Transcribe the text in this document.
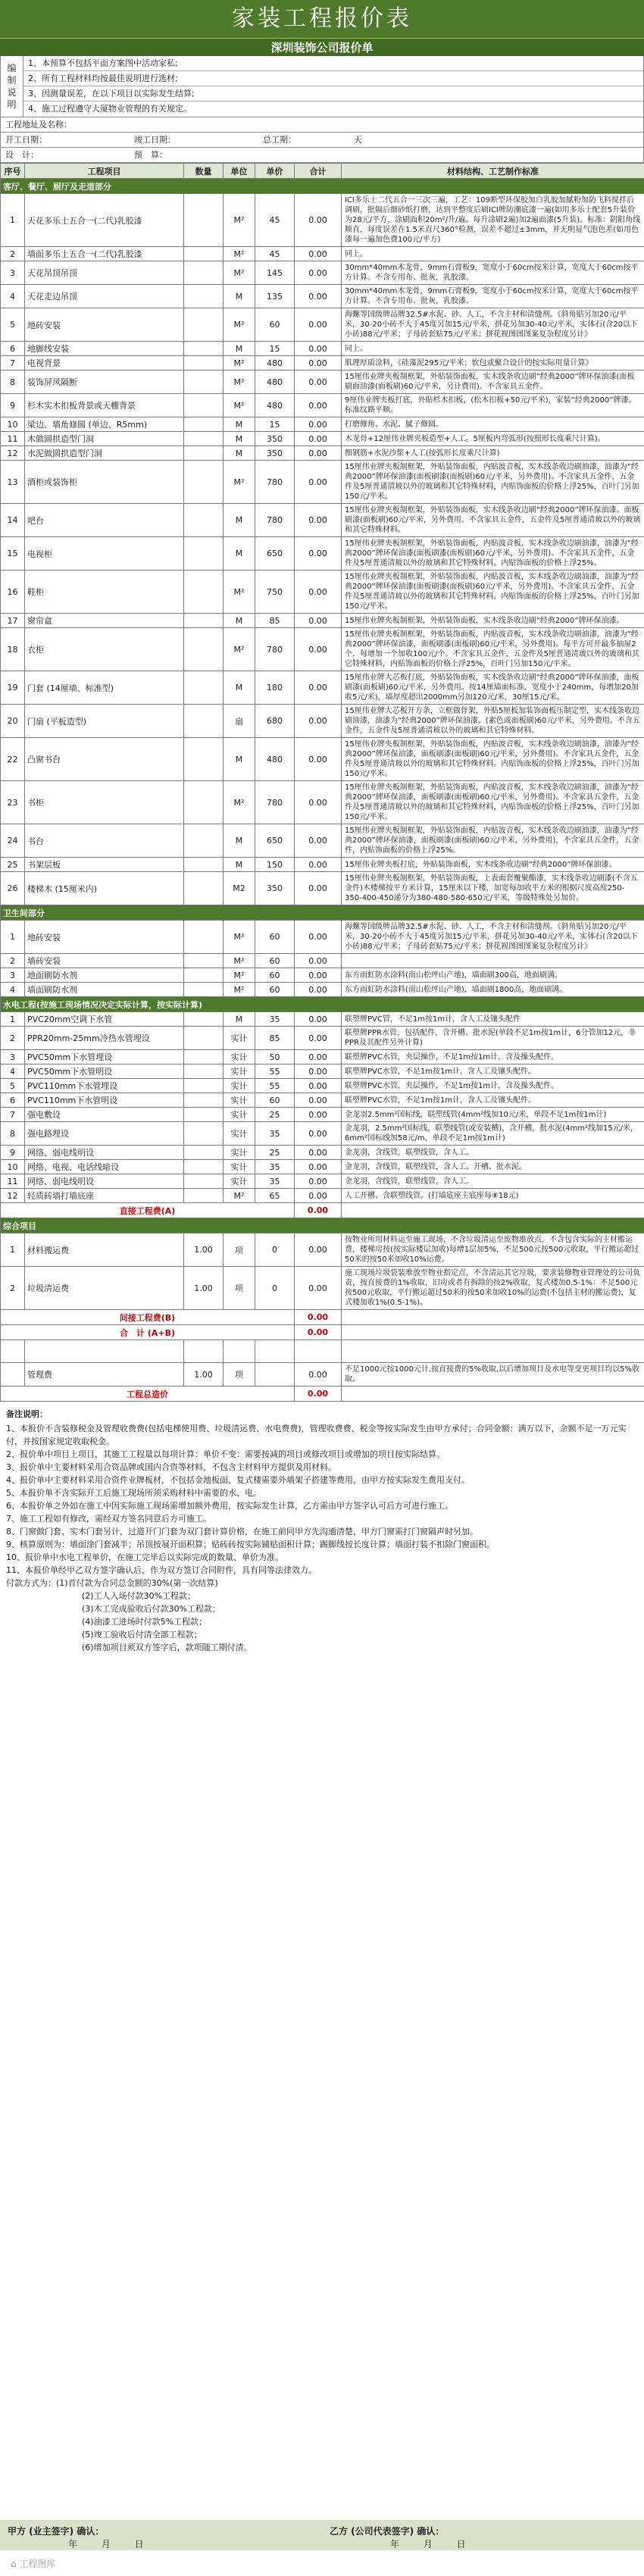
家装工程报价表
深圳装饰公司报价单
编
制
说
明
1、本预算不包括平面方案图中活动家私;
2、所有工程材料均按最佳说明进行选材;
3、因测量误差，在以下项目以实际发生结算;
4、施工过程遵守大厦物业管理的有关规定。
工程地址及名称：
开工日期：	竣工日期：	总工期：	天
设　计：	预　算：
序号	工程项目	数量	单位	单价	合计	材料结构、工艺制作标准
客厅、餐厅、厨厅及走道部分						
1	天花多乐士五合一(二代)乳胶漆		M²	45	0.00	ICI多乐士二代五合一三次三遍，工艺：109断型环保胶加白乳胶加腻粉加防飞料搅拌后调刷，批隔后细砂纸打磨，达到平整度后刷ICI牌防潮底漆一遍(如用多乐士配套5升装价为28元/平方，涂刷面积20m²/升/遍。每升涂刷2遍)加2遍面漆(5升装)。标准：阴阳角线顺直，每度误差在1.5米直尺360°检测，误差不超过±3mm，并无明显气泡色差(如用色漆每一遍加色费100元/平方)
2	墙面多乐士五合一(二代)乳胶漆		M²	45	0.00	同上。
3	天花吊顶吊顶		M²	145	0.00	30mm*40mm木龙骨，9mm石膏板9，宽度小于60cm按米计算，宽度大于60cm按平方计算。不含专用布、批灰，乳胶漆。
4	天花走边吊顶		M	135	0.00	30mm*40mm木龙骨，9mm石膏板9，宽度小于60cm按米计算，宽度大于60cm按平方计算。不含专用布、批灰，乳胶漆。
5	地砖安装		M²	60	0.00	海螺等国级牌品牌32.5#水泥、砂、人工，不含主材和清缝剂。《斜角贴另加20元/平米，30-20小砖不大于45度另加15元/平米，拼花另加30-40元/平米，实体石(含20以下小砖)88元/平米；子母砖套贴75元/平米；拼花视图图图案复杂程度另计》
6	地脚线安装		M	15	0.00	同上。
7	电视背景		M²	480	0.00	肌理厚质涂料，《硅藻泥295元/平米；软包或聚合设计的按实际用量计算》
8	装饰屏风隔断		M²	480	0.00	15厘伟业牌夹板制框架，外贴装饰面板，实木线条收边刷“经典2000”牌环保油漆(面板刷面油漆(面板刷)60元/平米，另计费用)。不含家具五金件。
9	杉木实木扣板背景或天棚背景		M²	480	0.00	9厘伟业牌夹板打底，外贴杉木扣板，(松木扣板+50元/平米)，家装“经典2000”牌漆。标准纹路平顺。
10	梁边、墙角修圆 (单边、R5mm)		M	15	0.00	打磨修角、水泥、腻子修圆。
11	木做圆拱造型门洞		M	350	0.00	木龙骨+12厘伟业牌夹板造型+人工。5厘板内弯弧形(按照形长度乘尺计算)。
12	水泥做圆拱造型门洞		M	350	0.00	细钢筋+水泥沙浆+人工(按弧形长度乘尺计算)
13	酒柜或装饰柜		M²	780	0.00	15厘伟业牌夹板制框架，外贴装饰面板，内贴波音板，实木线条收边刷油漆，油漆为“经典2000”牌环保油漆(面板刷漆(面板刷)60元/平米，另外费用)。不含家具五金件，五金件及5厘普通清玻以外的玻璃和其它特殊材料，内贴饰面板的价格上浮25%，百叶门另加150元/平米。
14	吧台		M	780	0.00	15厘伟业牌夹板制框架，外贴装饰面板，实木线条收边刷“经典2000”牌环保油漆。面板刷漆(面板刷)60元/平米，另外费用。不含家具五金件，五金件及5厘普通清玻以外的玻璃和其它特殊材料。
15	电视柜		M	650	0.00	15厘伟业牌夹板制框架，外贴装饰面板，内贴波音板，实木线条收边刷油漆，油漆为“经典2000”牌环保油漆(面板刷漆(面板刷)60元/平米，另外费用)。不含家具五金件，五金件及5厘普通清玻以外的玻璃和其它特殊材料。内贴饰面板的价格上浮25%。
16	鞋柜		M²	750	0.00	15厘伟业牌夹板制框架，外贴装饰面板，内贴波音板，实木线条收边刷油漆，油漆为“经典2000”牌环保油漆(面板刷漆(面板刷)60元/平米，另外费用)。不含家具五金件，五金件及5厘普通清玻以外的玻璃和其它特殊材料，内贴饰面板的价格上浮25%，百叶门另加150元/平米。
17	窗帘盒		M	85	0.00	15厘伟业牌夹板制框架，外贴装饰面板，实木线条收边刷“经典2000”牌环保油漆。
18	衣柜		M²	780	0.00	15厘伟业牌夹板制框架，外贴装饰面板，内贴波音板，实木线条收边刷油漆，油漆为“经典2000”牌环保油漆，面板刷漆(面板刷)60元/平米，另外费用)。每平方可开最多抽屉2个，每增加一个加收100元/个。不含家具五金件，五金件及5厘普通清玻以外的玻璃和其它特殊材料，内贴饰面板的价格上浮25%，百叶门另加150元/平米。
19	门套 (14厘墙、标准型)		M	180	0.00	15厘伟业牌大芯板打底，外贴装饰面板，实木线条收边刷“经典2000”牌环保油漆，面板刷漆(面板刷)60元/平米，另外费用。按14厘墙面标准，宽度小于240mm，每增加20加收5元/米)，墙厚度超出2000mm另加120元/米，30厘15元/米。
20	门扇 (平板造型)		扇	680	0.00	15厘伟业牌大芯板开方条，立框做骨架，外贴5厘板加装饰面板压制定型，实木线条收边刷油漆，油漆为“经典2000”牌环保油漆。(素色或面板刷)60元/平米，另外费用。不含五金件，五金件及5厘普通清玻以外的玻璃和其它特殊材料。
22	凸窗书台		M	480	0.00	15厘伟业牌夹板制框架，外贴装饰面板，内贴波音板，实木线条收边刷油漆，油漆为“经典2000”牌环保油漆，面板刷漆(面板刷)60元/平米，另外费用)。不含家具五金件，五金件及5厘普通清玻以外的玻璃和其它特殊材料。内贴饰面板的价格上浮25%，百叶门另加150元/平米。
23	书柜		M²	780	0.00	15厘伟业牌夹板制框架，外贴装饰面板，内贴波音板，实木线条收边刷油漆，油漆为“经典2000”牌环保油漆，面板刷漆(面板刷)60元/平米，另外费用)。不含家具五金件，五金件及5厘普通清玻以外的玻璃和其它特殊材料，内贴饰面板的价格上浮25%，百叶门另加150元/平米。
24	书台		M	650	0.00	15厘伟业牌夹板制框架，外贴装饰面板，内贴波音板，实木线条收边刷油漆，油漆为“经典2000”牌环保油漆，面板刷漆(面板刷)60元/平米，另外费用)，不含家具五金件，五金件，内贴饰面板的价格上浮25%。
25	书架层板		M	150	0.00	15厘伟业牌夹板打底，外贴装饰面板，实木线条收边刷“经典2000”牌环保油漆。
26	楼梯木 (15厘米内)		M2	350	0.00	15厘伟业牌夹板制框架，外贴装饰面板，上表面套覆聚酯漆，实木线条收边刷漆(不含五金件)木楼梯按平方米计算，15厘米以下楼，加宽每加收平方米的根据尺度高度250-350-400-450递分为380-480-580-650元/平米，等级特殊处另加价。
卫生间部分						
1	地砖安装		M²	60	0.00	海螺等国级牌品牌32.5#水泥、砂、人工，不含主材和清缝剂。《斜角贴另加20元/平米，30-20小砖不大于45度另加15元/平米，拼花另加30-40元/平米，实体石(含20以下小砖)88元/平米；子母砖套贴75元/平米；拼花视图图图案复杂程度另计》
2	墙砖安装		M²	60	0.00	
3	地面刷防水剂		M²	60	0.00	东方雨虹防水涂料(南山松坪山产地)，墙面刷300高，地面刷满。
4	墙面刷防水剂		M²	60	0.00	东方雨虹防水涂料(南山松坪山产地)，墙面刷1800高，地面刷满。
水电工程(按施工现场情况决定实际计算，按实际计算)						
1	PVC20mm空调下水管		M	35	0.00	联塑牌PVC管，不足1m按1m计，含人工及镶头配件
2	PPR20mm-25mm冷热水管埋设		实计	85	0.00	联塑牌PPR水管，包括配件，含开槽、批水泥(单段不足1m按1m计，6分管加12元，非PPR及其配件另外计算)
3	PVC50mm下水管埋设		实计	50	0.00	联塑牌PVC水管，夹层操作，不足1m按1m计，含及操头配件。
4	PVC50mm下水管明设		实计	55	0.00	联塑牌PVC水管，不足1m按1m计，含人工及镶头配件。
5	PVC110mm下水管埋设		实计	55	0.00	联塑牌PVC水管，夹层操作，不足1m按1m计，含及操头配件。
6	PVC110mm下水管明设		实计	60	0.00	联塑牌PVC水管，不足1m按1m计，含人工及镶头配件。
7	强电敷设		实计	25	0.00	金龙羽2.5mm²国标线，联塑线管(4mm²线加10元/米，单段不足1m按1m计)
8	强电路埋设		实计	35	0.00	金龙羽，2.5mm²国标线，联塑线管(或安装槽)，含开槽，批水泥(4mm²线加15元/米，6mm²国标线加58元/m，单段不足1m按1m计)
9	网络、弱电线明设		实计	25	0.00	金龙羽，含线管，联塑线管，含人工。
10	网络、电视、电话线暗设		实计	35	0.00	金龙羽，含线管，联塑线管，含人工、开槽、批水泥。
11	网络、弱电线明设		实计	35	0.00	金龙羽，含线管，联塑线管，含人工。
12	轻质砖墙打墙底座		M²	65	0.00	人工开槽、含联塑线管。(打墙底座主底座每⑧18元)
直接工程费(A)					0.00	
综合项目						
1	材料搬运费	1.00	项	0	0.00	按物业所用材料运至施工现场，不含垃圾清运至废物堆放点，不含包含实际的主材搬运费，楼梯房按(按实际楼层加收)每增1层加5%，不足500元按500元收取，平行搬运超过50米的按50米加收10%运费。
2	垃圾清运费	1.00	项	0	0.00	施工现场垃圾袋装堆放至物业指定点，不含清运其它垃圾，要求装修物业管理处的公司负责，按直接费的1%收取，旧房或者有拆除的按2%收取，复式楼加0.5-1%：不足500元按500元收取，平行搬运超过50米的按50米加收10%的运费(不包括主材的搬运费)，复式楼加收1%(0.5-1%)。
间接工程费(B)					0.00	
合　计 (A+B)					0.00	

	管理费	1.00	项		0.00	不足1000元按1000元计,按直接费的5%收取,以后增加项目及水电等变更项目均以5%收取。
工程总造价					0.00	

备注说明：

1、本报价不含装修税金及管理收费费(包括电梯使用费、垃圾清运费、水电费费)，管理收费费、税金等按实际发生由甲方承付；合同金额：满万以下，余额不足一万元实付，并按国家规定收取税金。

2、报价单中项目上项目，其施工工程量以每项计算：单价不变：需要按减的项目或修改项目或增加的项目按实际结算。

3、报价单中主要材料采用合资品牌或国内合资等材料，不包含主材料甲方提供及用材料。

4、报价单中主要材料采用合资件业牌板材，不包括金地板面、复式楼需要外墙架子搭建等费用，由甲方按实际发生费用支付。

5、本报价单不含实际开工后施工现场所须采购材料中需要的水、电。

6、本报价单之外如在施工中因实际施工现场需增加额外费用，按实际发生计算，乙方需由甲方签字认可后方可进行施工。

7、施工工程如有修改，需经双方签名同意后方可施工。

8、门窗做门套、实木门套另计，过道开门门套为双门套计算价格，在施工前同甲方先沟通清楚，甲方门窗需打门窗隔声时另加。

9、核算原则为：墙面涂门套减半；吊顶按展开面积算；贴砖砖按实际铺贴面积计算；踢脚线按长度计算；墙面打装不扣除门窗面积。

10、报价单中水电工程单价，在施工完毕后以实际完成的数量、单价为准。

11、本报价单经甲乙双方签字确认后，作为双方签订合同附件，具有同等法律效力。

付款方式为：(1)首付款为合同总金额的30%(第一次结算)

(2)工人入场付款30%工程款；

(3)木工完成验收后付款30%工程款；

(4)油漆工进场时付款5%工程款；

(5)竣工验收后付清全部工程款；

(6)增加项目须双方签字后，款项随工期付清。

甲方 (业主签字) 确认：
年 月 日
乙方 (公司代表签字) 确认：
年 月 日
⌂ 工程图库
